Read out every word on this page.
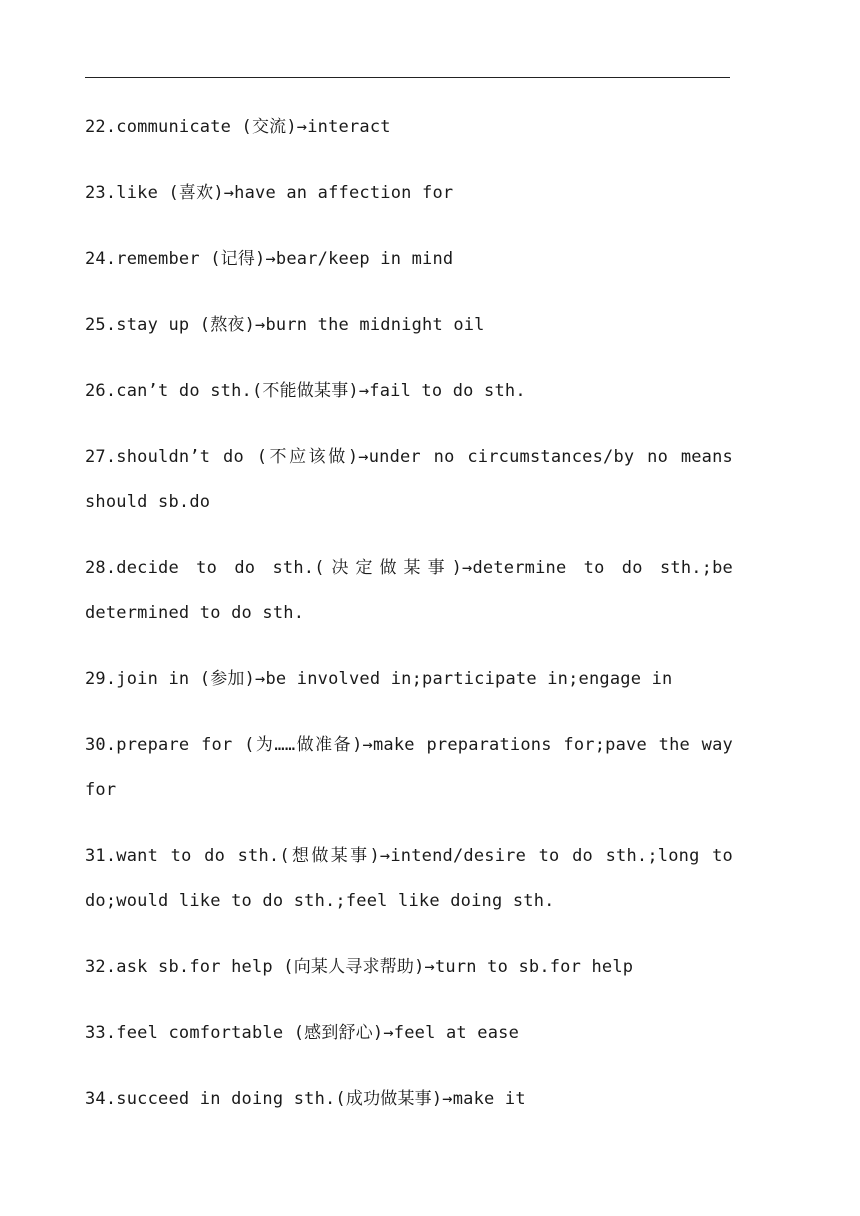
22.communicate (交流)→interact
23.like (喜欢)→have an affection for
24.remember (记得)→bear/keep in mind
25.stay up (熬夜)→burn the midnight oil
26.can’t do sth.(不能做某事)→fail to do sth.
27.shouldn’t do (不应该做)→under no circumstances/by no means should sb.do
28.decide to do sth.(决定做某事)→determine to do sth.;be determined to do sth.
29.join in (参加)→be involved in;participate in;engage in
30.prepare for (为……做准备)→make preparations for;pave the way for
31.want to do sth.(想做某事)→intend/desire to do sth.;long to do;would like to do sth.;feel like doing sth.
32.ask sb.for help (向某人寻求帮助)→turn to sb.for help
33.feel comfortable (感到舒心)→feel at ease
34.succeed in doing sth.(成功做某事)→make it
